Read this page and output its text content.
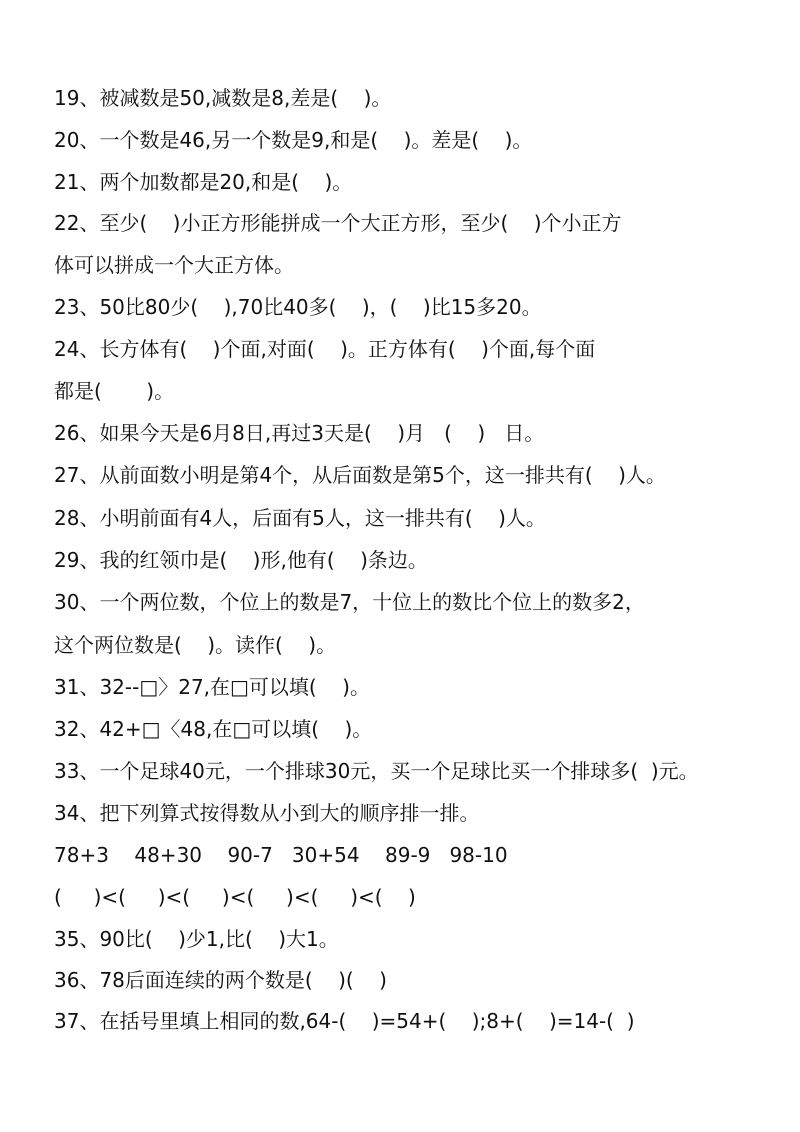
19、被减数是50,减数是8,差是(    )。
20、一个数是46,另一个数是9,和是(    )。差是(    )。
21、两个加数都是20,和是(    )。
22、至少(    )小正方形能拼成一个大正方形，至少(    )个小正方
体可以拼成一个大正方体。
23、50比80少(    ),70比40多(    )，(    )比15多20。
24、长方体有(    )个面,对面(    )。正方体有(    )个面,每个面
都是(       )。
26、如果今天是6月8日,再过3天是(    )月   (    )   日。
27、从前面数小明是第4个，从后面数是第5个，这一排共有(    )人。
28、小明前面有4人，后面有5人，这一排共有(    )人。
29、我的红领巾是(    )形,他有(    )条边。
30、一个两位数，个位上的数是7，十位上的数比个位上的数多2，
这个两位数是(    )。读作(    )。
31、32--□〉27,在□可以填(    )。
32、42+□〈48,在□可以填(    )。
33、一个足球40元，一个排球30元，买一个足球比买一个排球多(  )元。
34、把下列算式按得数从小到大的顺序排一排。
78+3    48+30    90-7   30+54    89-9   98-10
(     )<(     )<(     )<(     )<(     )<(    )
35、90比(    )少1,比(    )大1。
36、78后面连续的两个数是(    )(    )
37、在括号里填上相同的数,64-(    )=54+(    );8+(    )=14-(  )
